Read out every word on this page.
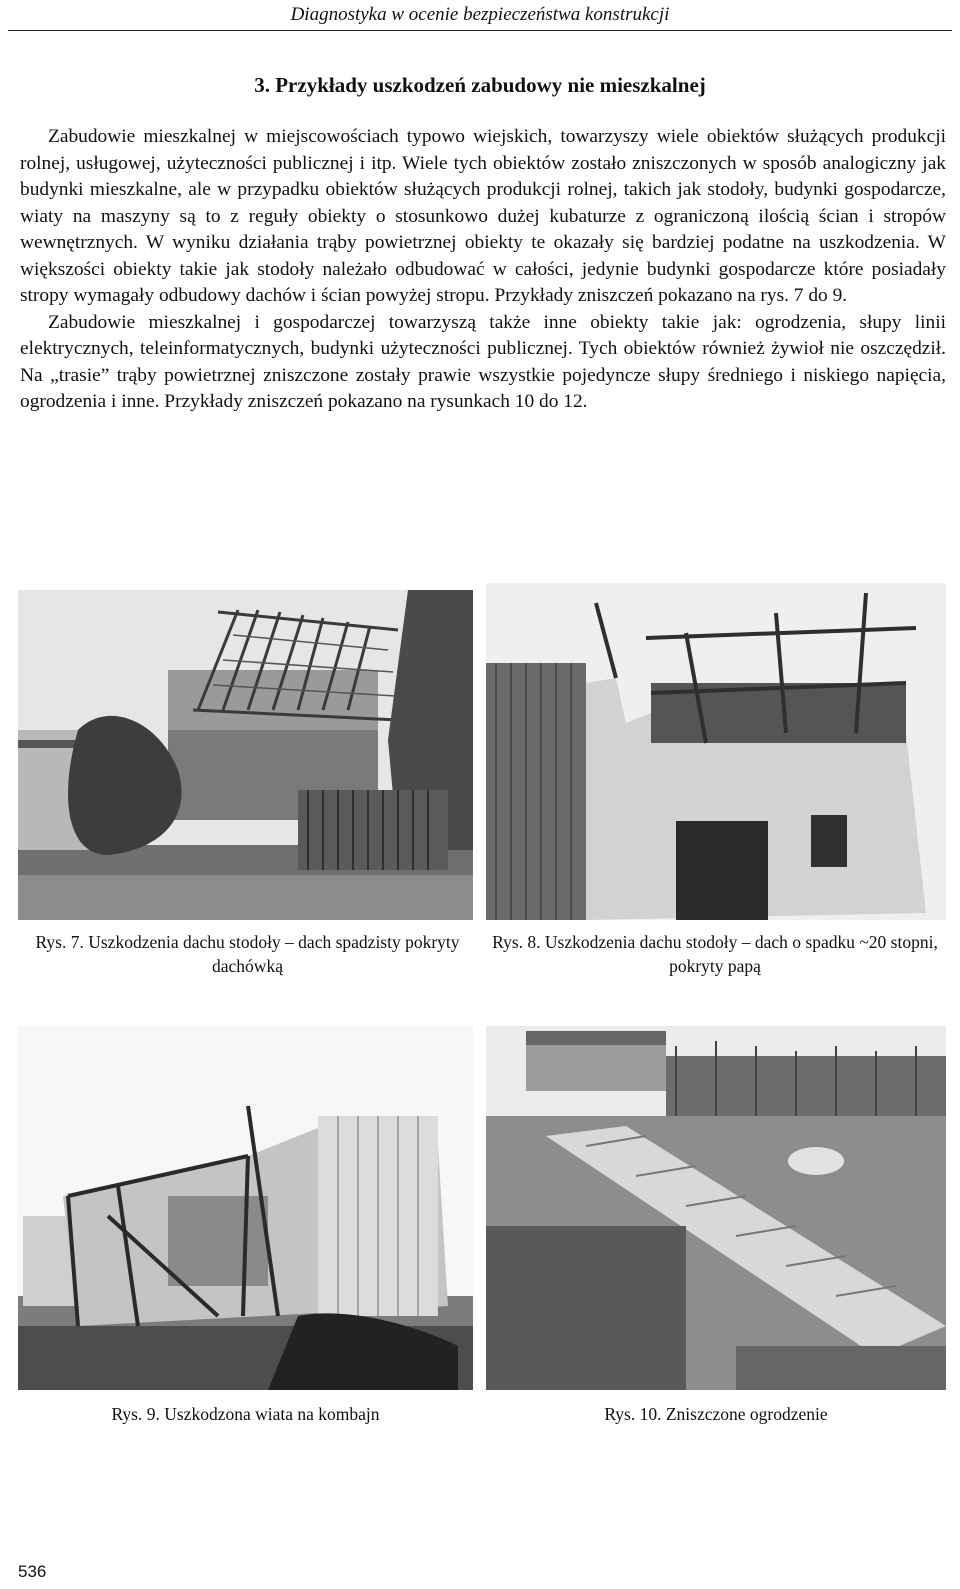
Diagnostyka w ocenie bezpieczeństwa konstrukcji
3. Przykłady uszkodzeń zabudowy nie mieszkalnej

Zabudowie mieszkalnej w miejscowościach typowo wiejskich, towarzyszy wiele obiektów służących produkcji rolnej, usługowej, użyteczności publicznej i itp. Wiele tych obiektów zostało zniszczonych w sposób analogiczny jak budynki mieszkalne, ale w przypadku obiektów służących produkcji rolnej, takich jak stodoły, budynki gospodarcze, wiaty na maszyny są to z reguły obiekty o stosunkowo dużej kubaturze z ograniczoną ilością ścian i stropów wewnętrznych. W wyniku działania trąby powietrznej obiekty te okazały się bardziej podatne na uszkodzenia. W większości obiekty takie jak stodoły należało odbudować w całości, jedynie budynki gospodarcze które posiadały stropy wymagały odbudowy dachów i ścian powyżej stropu. Przykłady zniszczeń pokazano na rys. 7 do 9.

Zabudowie mieszkalnej i gospodarczej towarzyszą także inne obiekty takie jak: ogrodzenia, słupy linii elektrycznych, teleinformatycznych, budynki użyteczności publicznej. Tych obiektów również żywioł nie oszczędził. Na „trasie” trąby powietrznej zniszczone zostały prawie wszystkie pojedyncze słupy średniego i niskiego napięcia, ogrodzenia i inne. Przykłady zniszczeń pokazano na rysunkach 10 do 12.

Rys. 7. Uszkodzenia dachu stodoły – dach spadzisty pokryty dachówką
Rys. 8. Uszkodzenia dachu stodoły – dach o spadku ~20 stopni, pokryty papą
Rys. 9. Uszkodzona wiata na kombajn	Rys. 10. Zniszczone ogrodzenie
536
